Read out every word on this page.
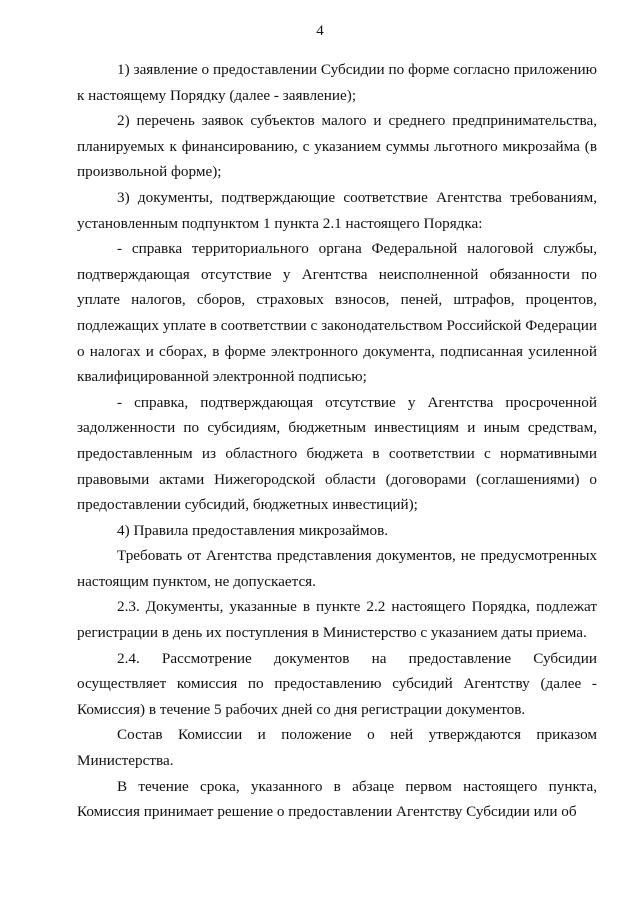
4

1) заявление о предоставлении Субсидии по форме согласно приложению к настоящему Порядку (далее - заявление);

2) перечень заявок субъектов малого и среднего предпринимательства, планируемых к финансированию, с указанием суммы льготного микрозайма (в произвольной форме);

3) документы, подтверждающие соответствие Агентства требованиям, установленным подпунктом 1 пункта 2.1 настоящего Порядка:

- справка территориального органа Федеральной налоговой службы, подтверждающая отсутствие у Агентства неисполненной обязанности по уплате налогов, сборов, страховых взносов, пеней, штрафов, процентов, подлежащих уплате в соответствии с законодательством Российской Федерации о налогах и сборах, в форме электронного документа, подписанная усиленной квалифицированной электронной подписью;

- справка, подтверждающая отсутствие у Агентства просроченной задолженности по субсидиям, бюджетным инвестициям и иным средствам, предоставленным из областного бюджета в соответствии с нормативными правовыми актами Нижегородской области (договорами (соглашениями) о предоставлении субсидий, бюджетных инвестиций);

4) Правила предоставления микрозаймов.

Требовать от Агентства представления документов, не предусмотренных настоящим пунктом, не допускается.

2.3. Документы, указанные в пункте 2.2 настоящего Порядка, подлежат регистрации в день их поступления в Министерство с указанием даты приема.

2.4. Рассмотрение документов на предоставление Субсидии осуществляет комиссия по предоставлению субсидий Агентству (далее - Комиссия) в течение 5 рабочих дней со дня регистрации документов.

Состав Комиссии и положение о ней утверждаются приказом Министерства.

В течение срока, указанного в абзаце первом настоящего пункта, Комиссия принимает решение о предоставлении Агентству Субсидии или об
